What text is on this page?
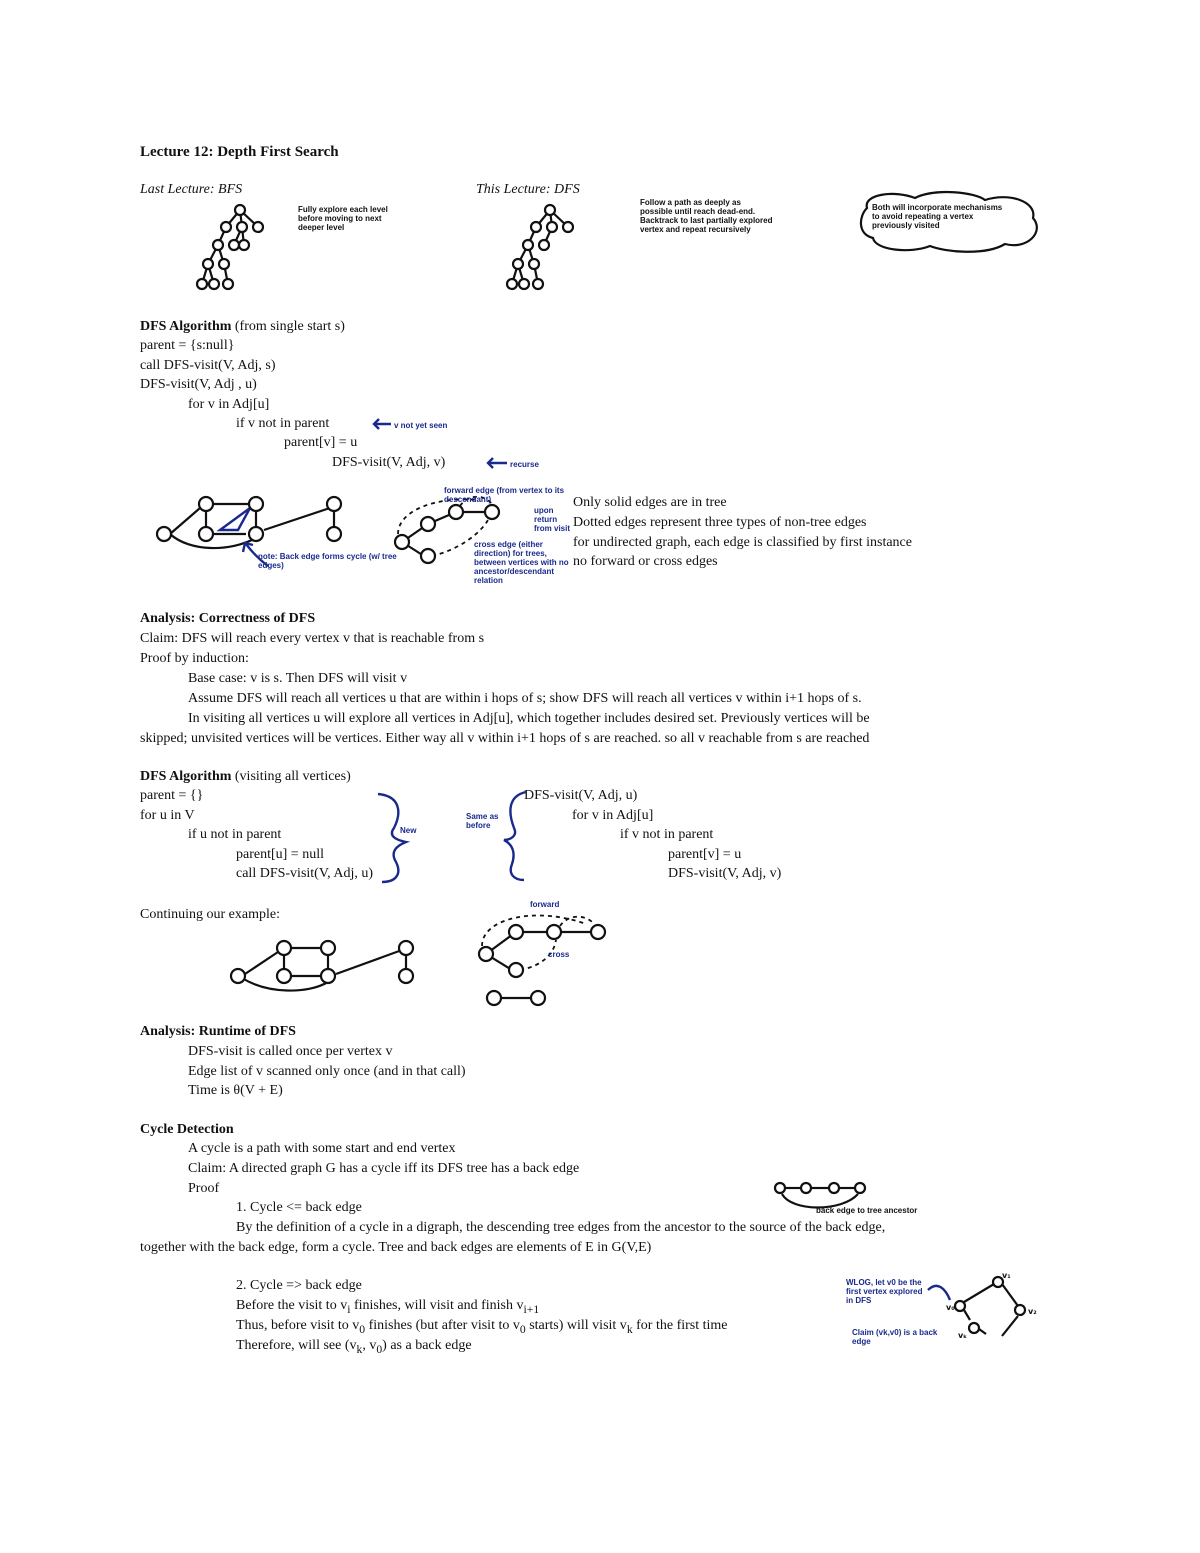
Lecture 12: Depth First Search
Last Lecture: BFS	This Lecture: DFS
Fully explore each level before moving to next deeper level
Follow a path as deeply as possible until reach dead-end. Backtrack to last partially explored vertex and repeat recursively
Both will incorporate mechanisms to avoid repeating a vertex previously visited
DFS Algorithm (from single start s)
parent = {s:null}
call DFS-visit(V, Adj, s)
DFS-visit(V, Adj , u)
for v in Adj[u]
if v not in parent
parent[v] = u
DFS-visit(V, Adj, v)
v not yet seen
recurse
note: Back edge forms cycle (w/ tree edges)
forward edge (from vertex to its descendant)
upon return from visit
cross edge (either direction) for trees, between vertices with no ancestor/descendant relation
Only solid edges are in tree
Dotted edges represent three types of non-tree edges
for undirected graph, each edge is classified by first instance
no forward or cross edges
Analysis: Correctness of DFS
Claim: DFS will reach every vertex v that is reachable from s
Proof by induction:
Base case: v is s. Then DFS will visit v
Assume DFS will reach all vertices u that are within i hops of s; show DFS will reach all vertices v within i+1 hops of s.
In visiting all vertices u will explore all vertices in Adj[u], which together includes desired set. Previously vertices will be
skipped; unvisited vertices will be vertices. Either way all v within i+1 hops of s are reached. so all v reachable from s are reached
DFS Algorithm (visiting all vertices)
parent = {}
for u in V
if u not in parent
parent[u] = null
call DFS-visit(V, Adj, u)
DFS-visit(V, Adj, u)
for v in Adj[u]
if v not in parent
parent[v] = u
DFS-visit(V, Adj, v)
New
Same as before
Continuing our example:
forward
cross
Analysis: Runtime of DFS
DFS-visit is called once per vertex v
Edge list of v scanned only once (and in that call)
Time is θ(V + E)
Cycle Detection
A cycle is a path with some start and end vertex
Claim: A directed graph G has a cycle iff its DFS tree has a back edge
Proof
1. Cycle <= back edge
By the definition of a cycle in a digraph, the descending tree edges from the ancestor to the source of the back edge,
together with the back edge, form a cycle. Tree and back edges are elements of E in G(V,E)
2. Cycle => back edge
Before the visit to $v_i$ finishes, will visit and finish $v_{i+1}$
Thus, before visit to $v_0$ finishes (but after visit to $v_0$ starts) will visit $v_k$ for the first time
Therefore, will see ($v_k$, $v_0$) as a back edge
back edge to tree ancestor
WLOG, let v0 be the first vertex explored in DFS
Claim (vk,v0) is a back edge
v₀
v₁
v₂
vₖ
